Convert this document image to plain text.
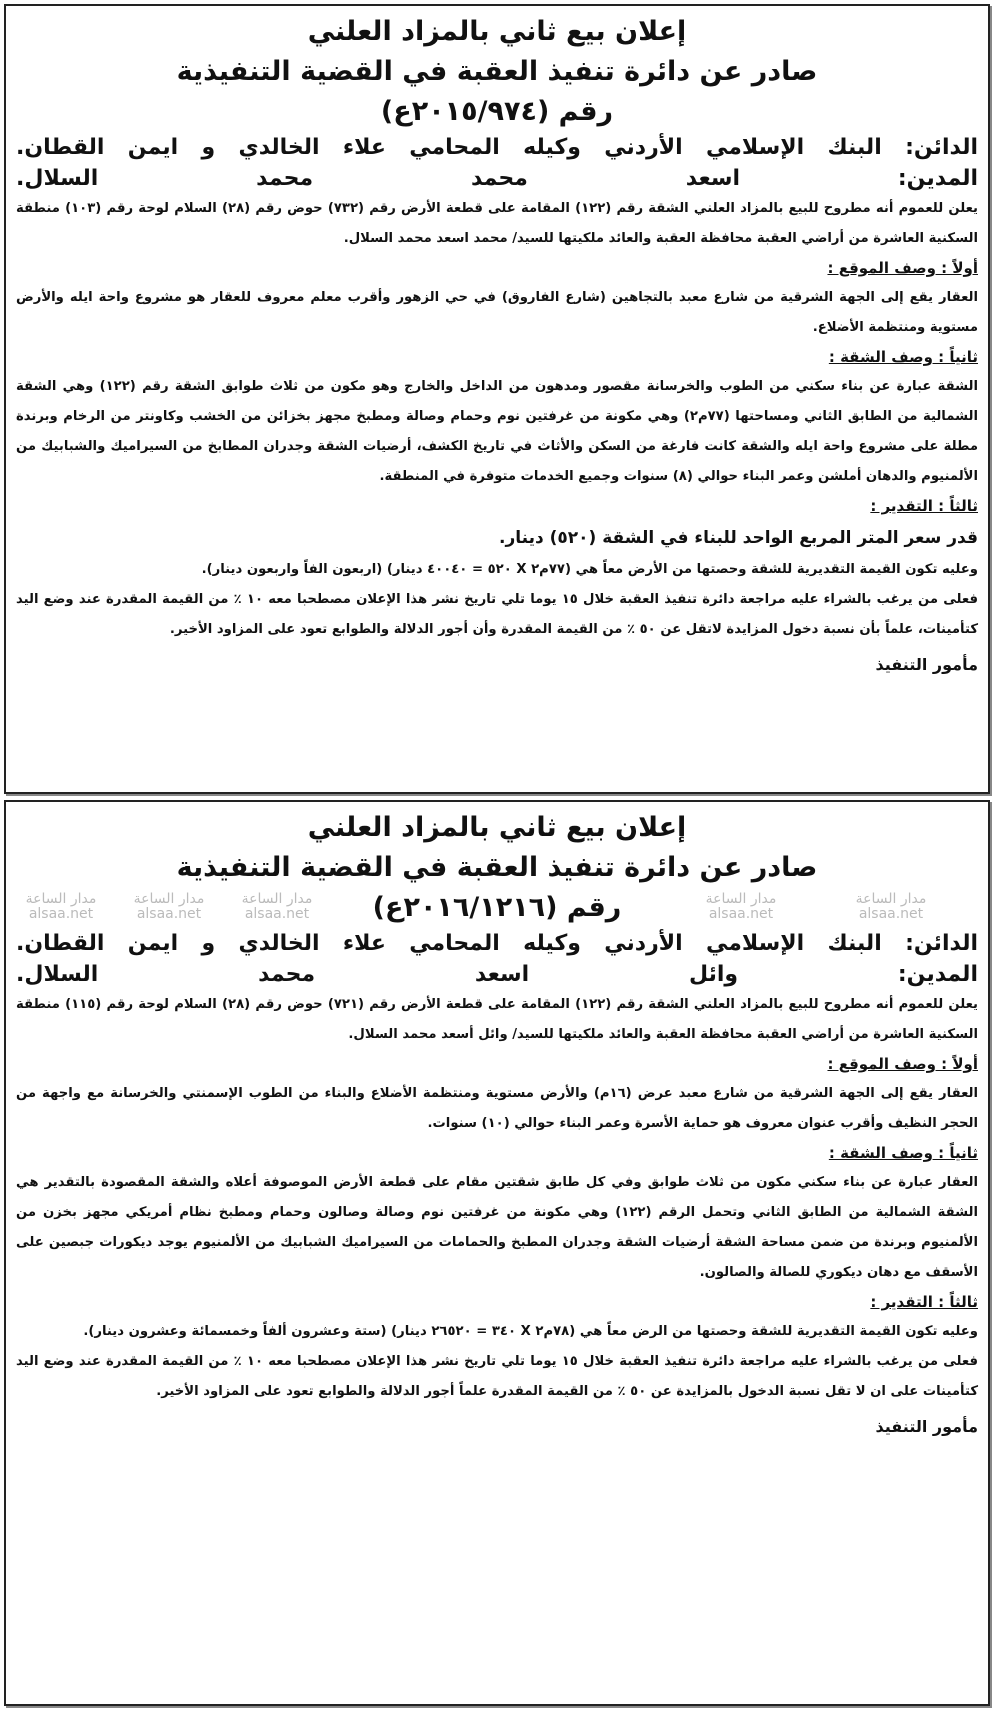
إعلان بيع ثاني بالمزاد العلني

صادر عن دائرة تنفيذ العقبة في القضية التنفيذية

رقم (٢٠١٥/٩٧٤ع)

الدائن: البنك الإسلامي الأردني وكيله المحامي علاء الخالدي و ايمن القطان.

المدين: اسعد محمد محمد السلال.

يعلن للعموم أنه مطروح للبيع بالمزاد العلني الشقة رقم (١٢٢) المقامة على قطعة الأرض رقم (٧٣٢) حوض رقم (٢٨) السلام لوحة رقم (١٠٣) منطقة السكنية العاشرة من أراضي العقبة محافظة العقبة والعائد ملكيتها للسيد/ محمد اسعد محمد السلال.

أولاً : وصف الموقع :

العقار يقع إلى الجهة الشرقية من شارع معبد بالتجاهين (شارع الفاروق) في حي الزهور وأقرب معلم معروف للعقار هو مشروع واحة ايله والأرض مستوية ومنتظمة الأضلاع.

ثانياً : وصف الشقة :

الشقة عبارة عن بناء سكني من الطوب والخرسانة مقصور ومدهون من الداخل والخارج وهو مكون من ثلاث طوابق الشقة رقم (١٢٢) وهي الشقة الشمالية من الطابق الثاني ومساحتها (٧٧م٢) وهي مكونة من غرفتين نوم وحمام وصالة ومطبخ مجهز بخزائن من الخشب وكاونتر من الرخام وبرندة مطلة على مشروع واحة ايله والشقة كانت فارغة من السكن والأثاث في تاريخ الكشف، أرضيات الشقة وجدران المطابخ من السيراميك والشبابيك من الألمنيوم والدهان أملشن وعمر البناء حوالي (٨) سنوات وجميع الخدمات متوفرة في المنطقة.

ثالثاً : التقدير :

قدر سعر المتر المربع الواحد للبناء في الشقة (٥٢٠) دينار.

وعليه تكون القيمة التقديرية للشقة وحصتها من الأرض معاً هي (٧٧م٢ X ٥٢٠ = ٤٠٠٤٠ دينار) (اربعون الفاً واربعون دينار).

فعلى من يرغب بالشراء عليه مراجعة دائرة تنفيذ العقبة خلال ١٥ يوما تلي تاريخ نشر هذا الإعلان مصطحبا معه ١٠ ٪ من القيمة المقدرة عند وضع اليد كتأمينات، علماً بأن نسبة دخول المزايدة لاتقل عن ٥٠ ٪ من القيمة المقدرة وأن أجور الدلالة والطوابع تعود على المزاود الأخير.

مأمور التنفيذ

إعلان بيع ثاني بالمزاد العلني

صادر عن دائرة تنفيذ العقبة في القضية التنفيذية

رقم (٢٠١٦/١٢١٦ع)

الدائن: البنك الإسلامي الأردني وكيله المحامي علاء الخالدي و ايمن القطان.

المدين: وائل اسعد محمد السلال.

يعلن للعموم أنه مطروح للبيع بالمزاد العلني الشقة رقم (١٢٢) المقامة على قطعة الأرض رقم (٧٢١) حوض رقم (٢٨) السلام لوحة رقم (١١٥) منطقة السكنية العاشرة من أراضي العقبة محافظة العقبة والعائد ملكيتها للسيد/ وائل أسعد محمد السلال.

أولاً : وصف الموقع :

العقار يقع إلى الجهة الشرقية من شارع معبد عرض (١٦م) والأرض مستوية ومنتظمة الأضلاع والبناء من الطوب الإسمنتي والخرسانة مع واجهة من الحجر النظيف وأقرب عنوان معروف هو حماية الأسرة وعمر البناء حوالي (١٠) سنوات.

ثانياً : وصف الشقة :

العقار عبارة عن بناء سكني مكون من ثلاث طوابق وفي كل طابق شقتين مقام على قطعة الأرض الموصوفة أعلاه والشقة المقصودة بالتقدير هي الشقة الشمالية من الطابق الثاني وتحمل الرقم (١٢٢) وهي مكونة من غرفتين نوم وصالة وصالون وحمام ومطبخ نظام أمريكي مجهز بخزن من الألمنيوم وبرندة من ضمن مساحة الشقة أرضيات الشقة وجدران المطبخ والحمامات من السيراميك الشبابيك من الألمنيوم يوجد ديكورات جبصين على الأسقف مع دهان ديكوري للصالة والصالون.

ثالثاً : التقدير :

وعليه تكون القيمة التقديرية للشقة وحصتها من الرض معاً هي (٧٨م٢ X ٣٤٠ = ٢٦٥٢٠ دينار) (ستة وعشرون ألفاً وخمسمائة وعشرون دينار).

فعلى من يرغب بالشراء عليه مراجعة دائرة تنفيذ العقبة خلال ١٥ يوما تلي تاريخ نشر هذا الإعلان مصطحبا معه ١٠ ٪ من القيمة المقدرة عند وضع اليد كتأمينات على ان لا تقل نسبة الدخول بالمزايدة عن ٥٠ ٪ من القيمة المقدرة علماً أجور الدلالة والطوابع تعود على المزاود الأخير.

مأمور التنفيذ

مدار الساعة
alsaa.net
مدار الساعة
alsaa.net
مدار الساعة
alsaa.net
مدار الساعة
alsaa.net
مدار الساعة
alsaa.net
